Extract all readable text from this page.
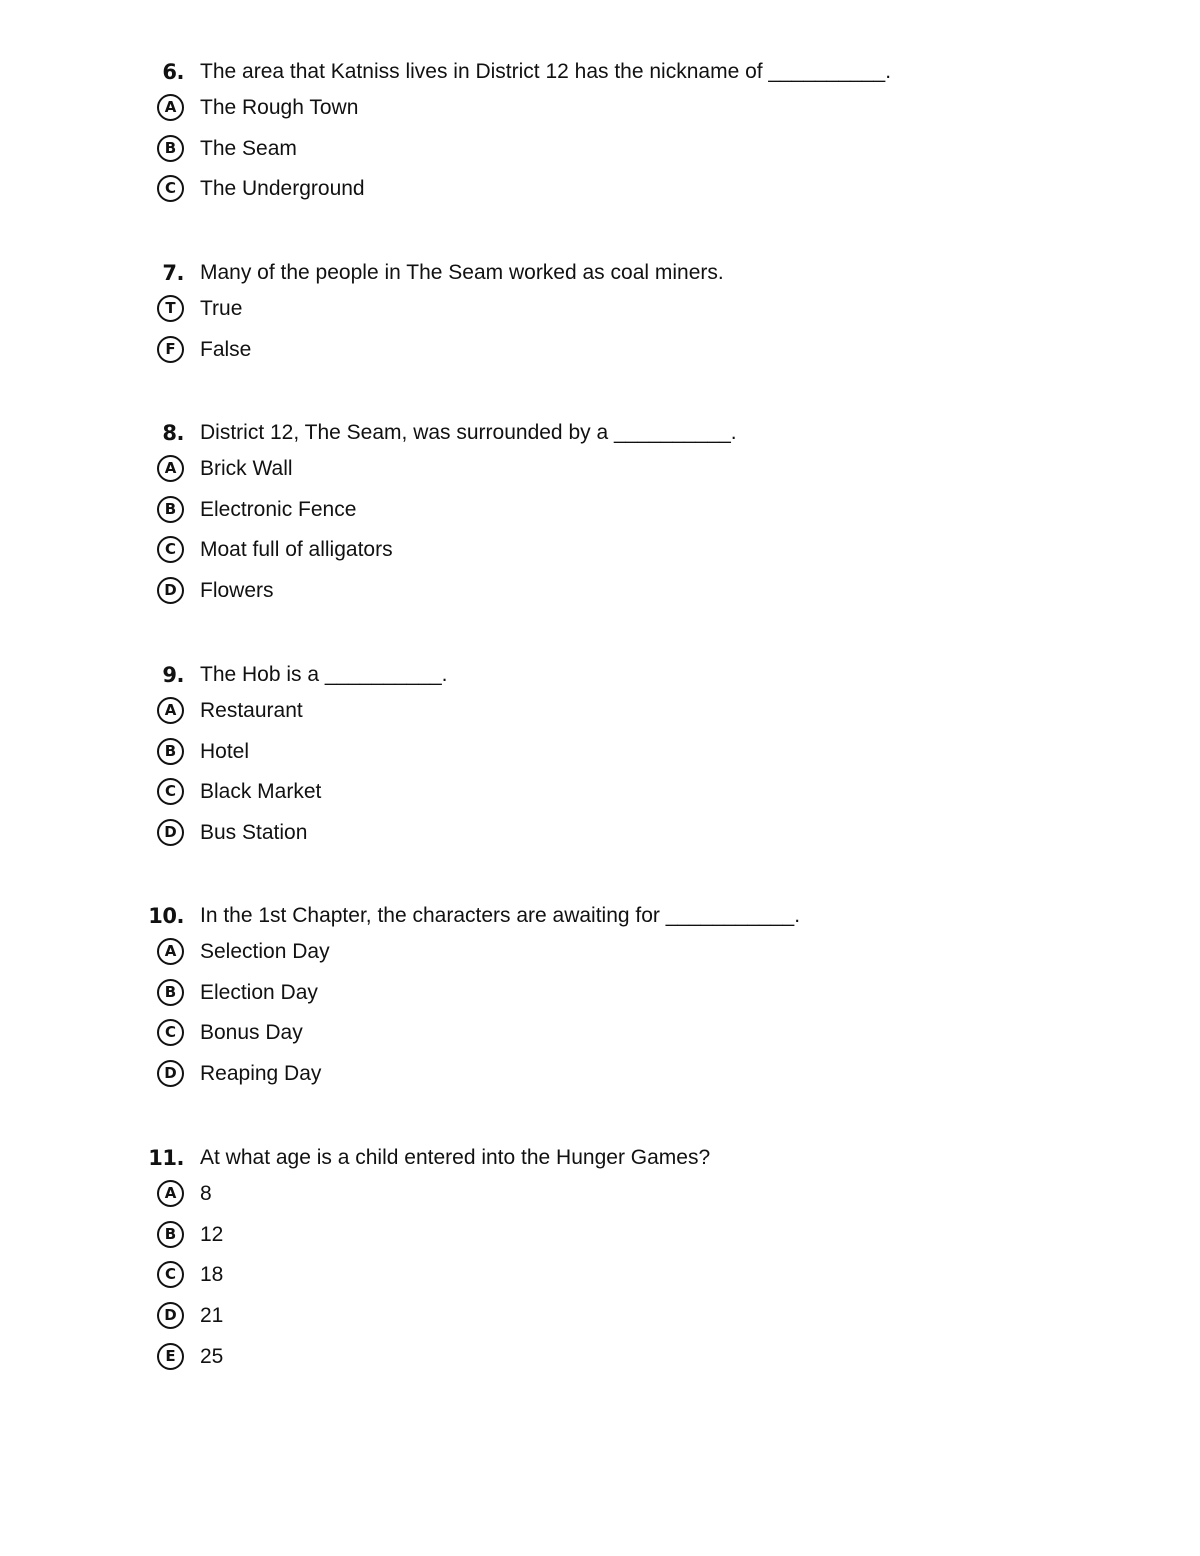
6. The area that Katniss lives in District 12 has the nickname of __________.
A	The Rough Town
B	The Seam
C	The Underground
7. Many of the people in The Seam worked as coal miners.
T	True
F	False
8. District 12, The Seam, was surrounded by a __________.
A	Brick Wall
B	Electronic Fence
C	Moat full of alligators
D	Flowers
9. The Hob is a __________.
A	Restaurant
B	Hotel
C	Black Market
D	Bus Station
10. In the 1st Chapter, the characters are awaiting for ___________.
A	Selection Day
B	Election Day
C	Bonus Day
D	Reaping Day
11. At what age is a child entered into the Hunger Games?
A	8
B	12
C	18
D	21
E	25
